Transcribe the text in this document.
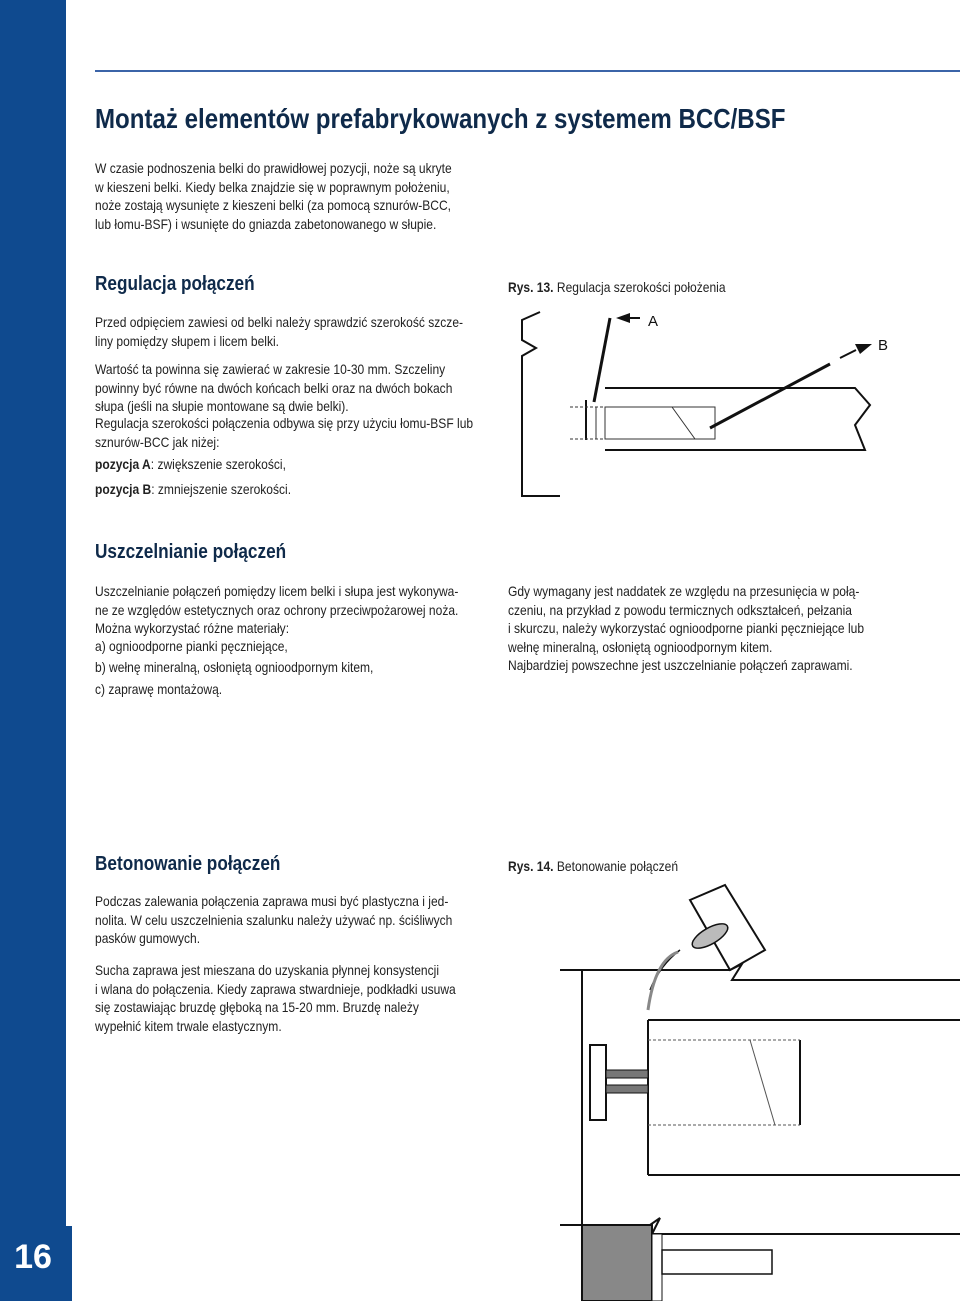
16
Montaż elementów prefabrykowanych z systemem BCC/BSF
W czasie podnoszenia belki do prawidłowej pozycji, noże są ukryte
w kieszeni belki. Kiedy belka znajdzie się w poprawnym położeniu,
noże zostają wysunięte z kieszeni belki (za pomocą sznurów-BCC,
lub łomu-BSF) i wsunięte do gniazda zabetonowanego w słupie.
Regulacja połączeń
Przed odpięciem zawiesi od belki należy sprawdzić szerokość szcze-
liny pomiędzy słupem i licem belki.
Wartość ta powinna się zawierać w zakresie 10-30 mm. Szczeliny
powinny być równe na dwóch końcach belki oraz na dwóch bokach
słupa (jeśli na słupie montowane są dwie belki).
Regulacja szerokości połączenia odbywa się przy użyciu łomu-BSF lub
sznurów-BCC jak niżej:
pozycja A: zwiększenie szerokości,
pozycja B: zmniejszenie szerokości.
Rys. 13. Regulacja szerokości położenia
A
B
Uszczelnianie połączeń
Uszczelnianie połączeń pomiędzy licem belki i słupa jest wykonywa-
ne ze względów estetycznych oraz ochrony przeciwpożarowej noża.
Można wykorzystać różne materiały:
a) ognioodporne pianki pęczniejące,
b) wełnę mineralną, osłoniętą ognioodpornym kitem,
c) zaprawę montażową.
Gdy wymagany jest naddatek ze względu na przesunięcia w połą-
czeniu, na przykład z powodu termicznych odkształceń, pełzania
i skurczu, należy wykorzystać ognioodporne pianki pęczniejące lub
wełnę mineralną, osłoniętą ognioodpornym kitem.
Najbardziej powszechne jest uszczelnianie połączeń zaprawami.
Betonowanie połączeń
Podczas zalewania połączenia zaprawa musi być plastyczna i jed-
nolita. W celu uszczelnienia szalunku należy używać np. ściśliwych
pasków gumowych.
Sucha zaprawa jest mieszana do uzyskania płynnej konsystencji
i wlana do połączenia. Kiedy zaprawa stwardnieje, podkładki usuwa
się zostawiając bruzdę głęboką na 15-20 mm. Bruzdę należy
wypełnić kitem trwale elastycznym.
Rys. 14. Betonowanie połączeń
